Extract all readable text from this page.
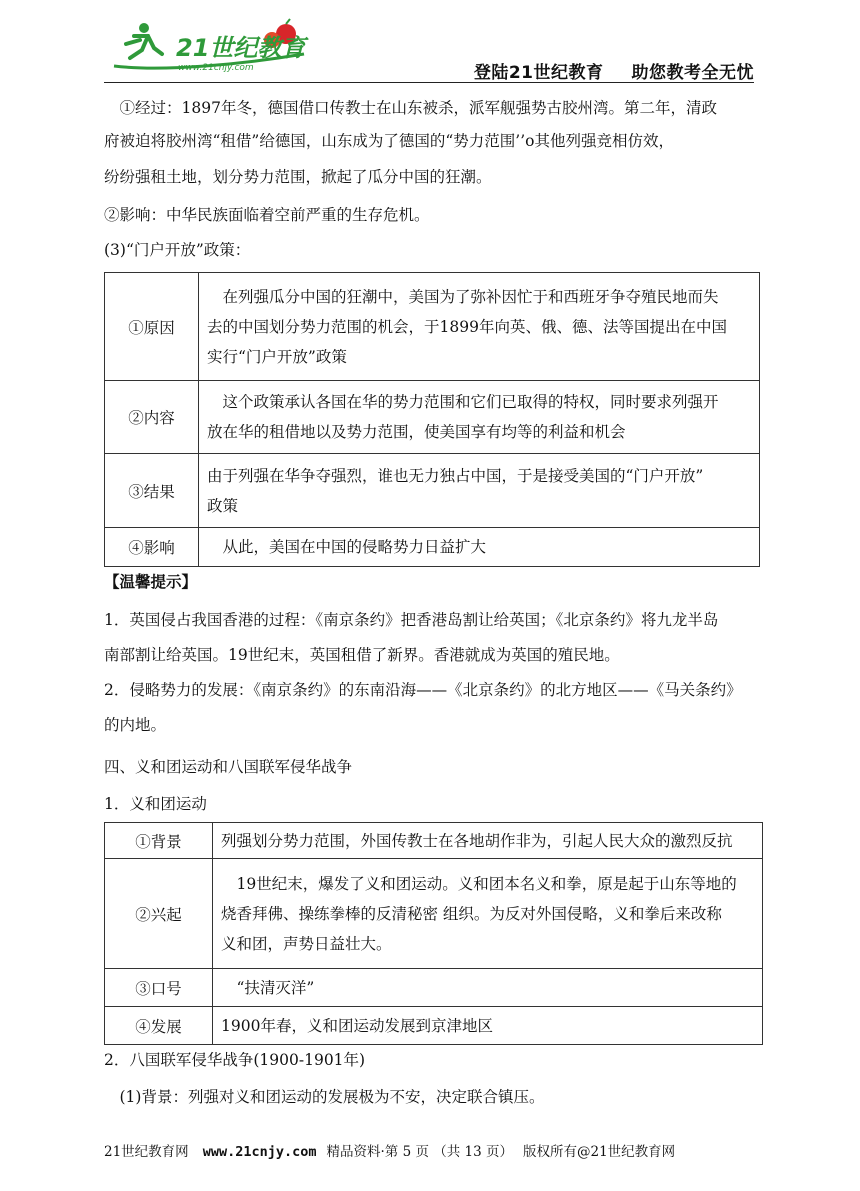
21世纪教育
www.21cnjy.com	登陆21世纪教育 助您教考全无忧
　①经过：1897年冬，德国借口传教士在山东被杀，派军舰强势古胶州湾。第二年，清政
府被迫将胶州湾“租借”给德国，山东成为了德国的“势力范围’’o其他列强竞相仿效，
纷纷强租土地，划分势力范围，掀起了瓜分中国的狂潮。
②影响：中华民族面临着空前严重的生存危机。
(3)“门户开放”政策：
①原因	　在列强瓜分中国的狂潮中，美国为了弥补因忙于和西班牙争夺殖民地而失
去的中国划分势力范围的机会，于1899年向英、俄、德、法等国提出在中国
实行“门户开放”政策

②内容	　这个政策承认各国在华的势力范围和它们已取得的特权，同时要求列强开
放在华的租借地以及势力范围，使美国享有均等的利益和机会

③结果	由于列强在华争夺强烈，谁也无力独占中国，于是接受美国的“门户开放”
政策

④影响	　从此，美国在中国的侵略势力日益扩大
【温馨提示】
1．英国侵占我国香港的过程：《南京条约》把香港岛割让给英国；《北京条约》将九龙半岛
南部割让给英国。19世纪末，英国租借了新界。香港就成为英国的殖民地。
2．侵略势力的发展：《南京条约》的东南沿海——《北京条约》的北方地区——《马关条约》
的内地。
四、义和团运动和八国联军侵华战争
1．义和团运动
①背景	列强划分势力范围，外国传教士在各地胡作非为，引起人民大众的激烈反抗

②兴起	　19世纪末，爆发了义和团运动。义和团本名义和拳，原是起于山东等地的
烧香拜佛、操练拳棒的反清秘密 组织。为反对外国侵略，义和拳后来改称
义和团，声势日益壮大。

③口号	　“扶清灭洋”

④发展	1900年春，义和团运动发展到京津地区
2．八国联军侵华战争(1900-1901年)
　(1)背景：列强对义和团运动的发展极为不安，决定联合镇压。
21世纪教育网 www.21cnjy.com 精品资料·第 5 页 （共 13 页） 版权所有@21世纪教育网
